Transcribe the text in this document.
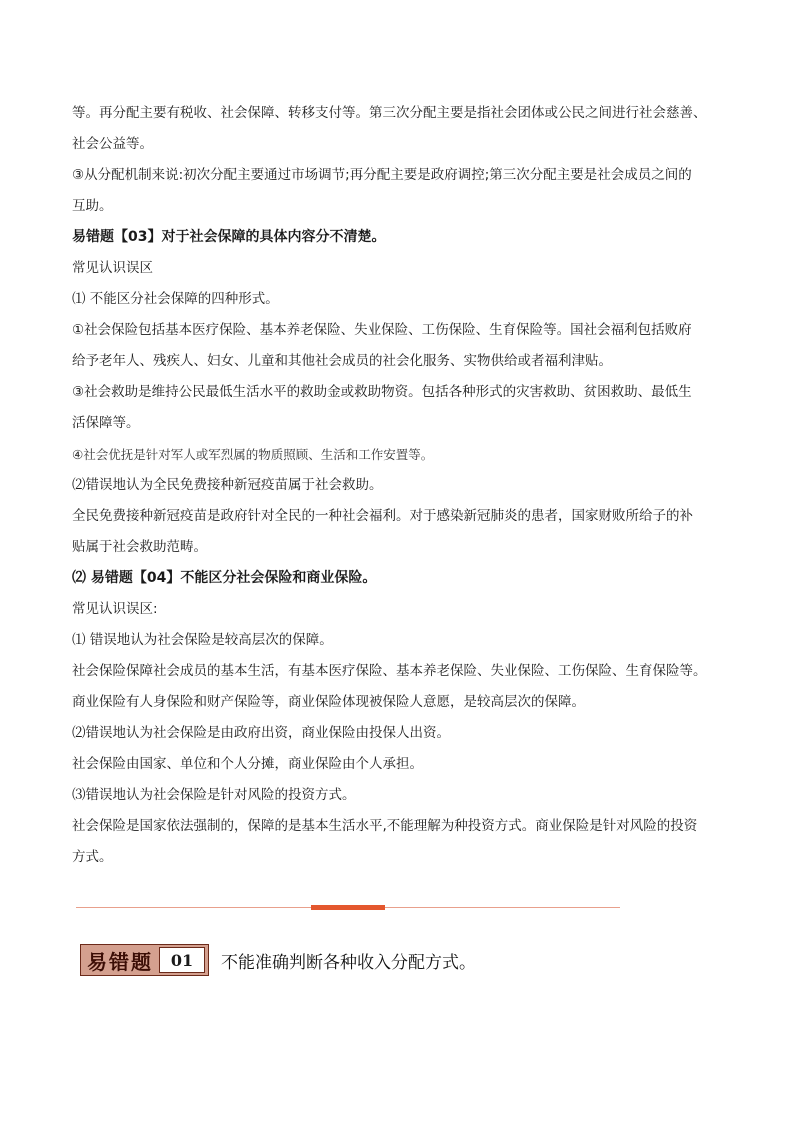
等。再分配主要有税收、社会保障、转移支付等。第三次分配主要是指社会团体或公民之间进行社会慈善、

社会公益等。

③从分配机制来说:初次分配主要通过市场调节;再分配主要是政府调控;第三次分配主要是社会成员之间的

互助。

易错题【03】对于社会保障的具体内容分不清楚。

常见认识误区

⑴ 不能区分社会保障的四种形式。

①社会保险包括基本医疗保险、基本养老保险、失业保险、工伤保险、生育保险等。国社会福利包括败府

给予老年人、残疾人、妇女、儿童和其他社会成员的社会化服务、实物供给或者福利津贴。

③社会救助是维持公民最低生活水平的救助金或救助物资。包括各种形式的灾害救助、贫困救助、最低生

活保障等。

④社会优抚是针对军人或军烈属的物质照顾、生活和工作安置等。

⑵错误地认为全民免费接种新冠疫苗属于社会救助。

全民免费接种新冠疫苗是政府针对全民的一种社会福利。对于感染新冠肺炎的患者，国家财败所给子的补

贴属于社会救助范畴。

⑵ 易错题【04】不能区分社会保险和商业保险。

常见认识误区:

⑴ 错误地认为社会保险是较高层次的保障。

社会保险保障社会成员的基本生活，有基本医疗保险、基本养老保险、失业保险、工伤保险、生育保险等。

商业保险有人身保险和财产保险等，商业保险体现被保险人意愿，是较高层次的保障。

⑵错误地认为社会保险是由政府出资，商业保险由投保人出资。

社会保险由国家、单位和个人分摊，商业保险由个人承担。

⑶错误地认为社会保险是针对风险的投资方式。

社会保险是国家依法强制的，保障的是基本生活水平,不能理解为种投资方式。商业保险是针对风险的投资

方式。

易错题	01	不能准确判断各种收入分配方式。
